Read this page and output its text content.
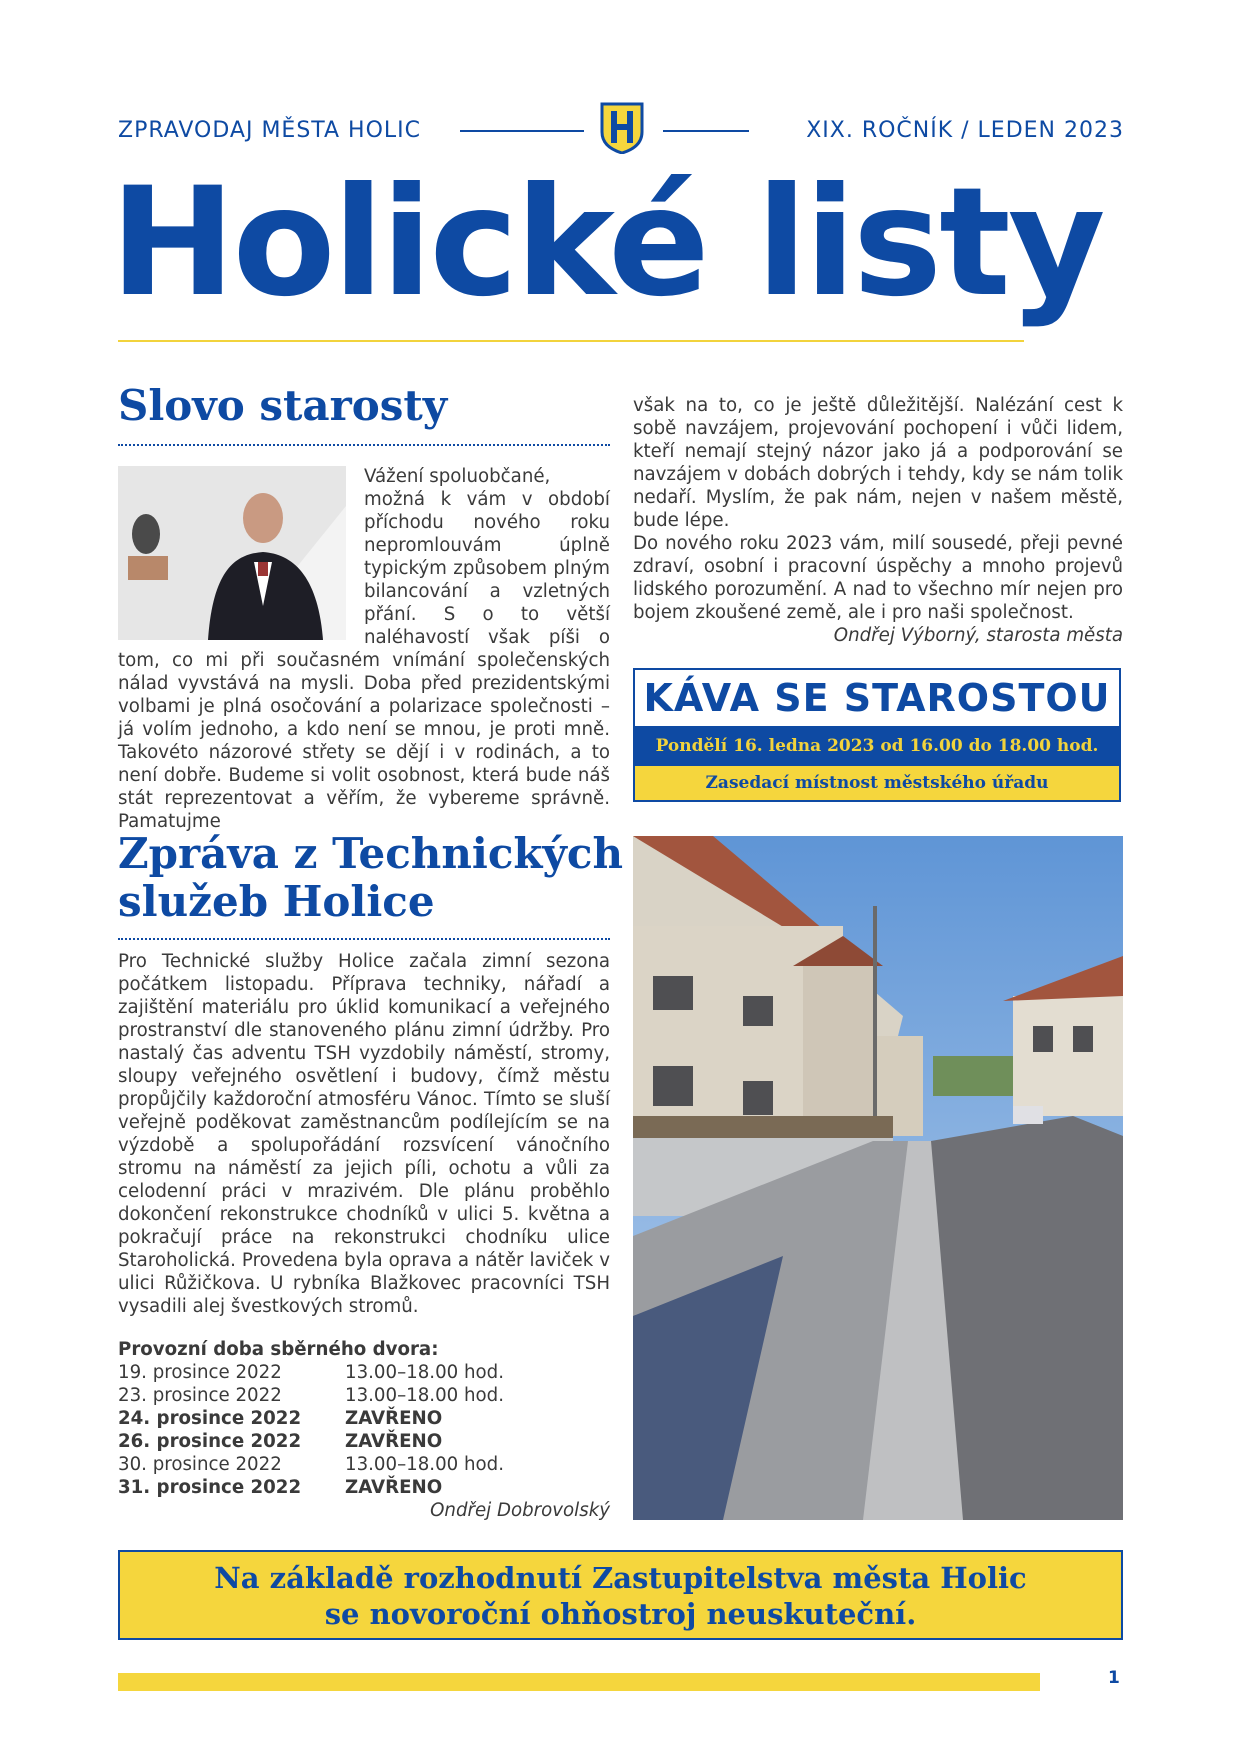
ZPRAVODAJ MĚSTA HOLIC	XIX. ROČNÍK / LEDEN 2023
Holické listy
Slovo starosty
Vážení spoluobčané,

možná k vám v období příchodu nového roku nepromlouvám úplně typickým způsobem plným bilancování a vzletných přání. S o to větší naléhavostí však píši o tom, co mi při současném vnímání společenských nálad vyvstává na mysli. Doba před prezidentskými volbami je plná osočování a polarizace společnosti – já volím jednoho, a kdo není se mnou, je proti mně. Takovéto názorové střety se dějí i v rodinách, a to není dobře. Budeme si volit osobnost, která bude náš stát reprezentovat a věřím, že vybereme správně. Pamatujme

však na to, co je ještě důležitější. Nalézání cest k sobě navzájem, projevování pochopení i vůči lidem, kteří nemají stejný názor jako já a podporování se navzájem v dobách dobrých i tehdy, kdy se nám tolik nedaří. Myslím, že pak nám, nejen v našem městě, bude lépe.

Do nového roku 2023 vám, milí sousedé, přeji pevné zdraví, osobní i pracovní úspěchy a mnoho projevů lidského porozumění. A nad to všechno mír nejen pro bojem zkoušené země, ale i pro naši společnost.

Ondřej Výborný, starosta města

KÁVA SE STAROSTOU
Pondělí 16. ledna 2023 od 16.00 do 18.00 hod.
Zasedací místnost městského úřadu
Zpráva z Technických
služeb Holice
Pro Technické služby Holice začala zimní sezona počátkem listopadu. Příprava techniky, nářadí a zajištění materiálu pro úklid komunikací a veřejného prostranství dle stanoveného plánu zimní údržby. Pro nastalý čas adventu TSH vyzdobily náměstí, stromy, sloupy veřejného osvětlení i budovy, čímž městu propůjčily každoroční atmosféru Vánoc. Tímto se sluší veřejně poděkovat zaměstnancům podílejícím se na výzdobě a spolupořádání rozsvícení vánočního stromu na náměstí za jejich píli, ochotu a vůli za celodenní práci v mrazivém. Dle plánu proběhlo dokončení rekonstrukce chodníků v ulici 5. května a pokračují práce na rekonstrukci chodníku ulice Staroholická. Provedena byla oprava a nátěr laviček v ulici Růžičkova. U rybníka Blažkovec pracovníci TSH vysadili alej švestkových stromů.
Provozní doba sběrného dvora:
19. prosince 2022	13.00–18.00 hod.
23. prosince 2022	13.00–18.00 hod.
24. prosince 2022	ZAVŘENO
26. prosince 2022	ZAVŘENO
30. prosince 2022	13.00–18.00 hod.
31. prosince 2022	ZAVŘENO
Ondřej Dobrovolský
Na základě rozhodnutí Zastupitelstva města Holic
se novoroční ohňostroj neuskuteční.
1
